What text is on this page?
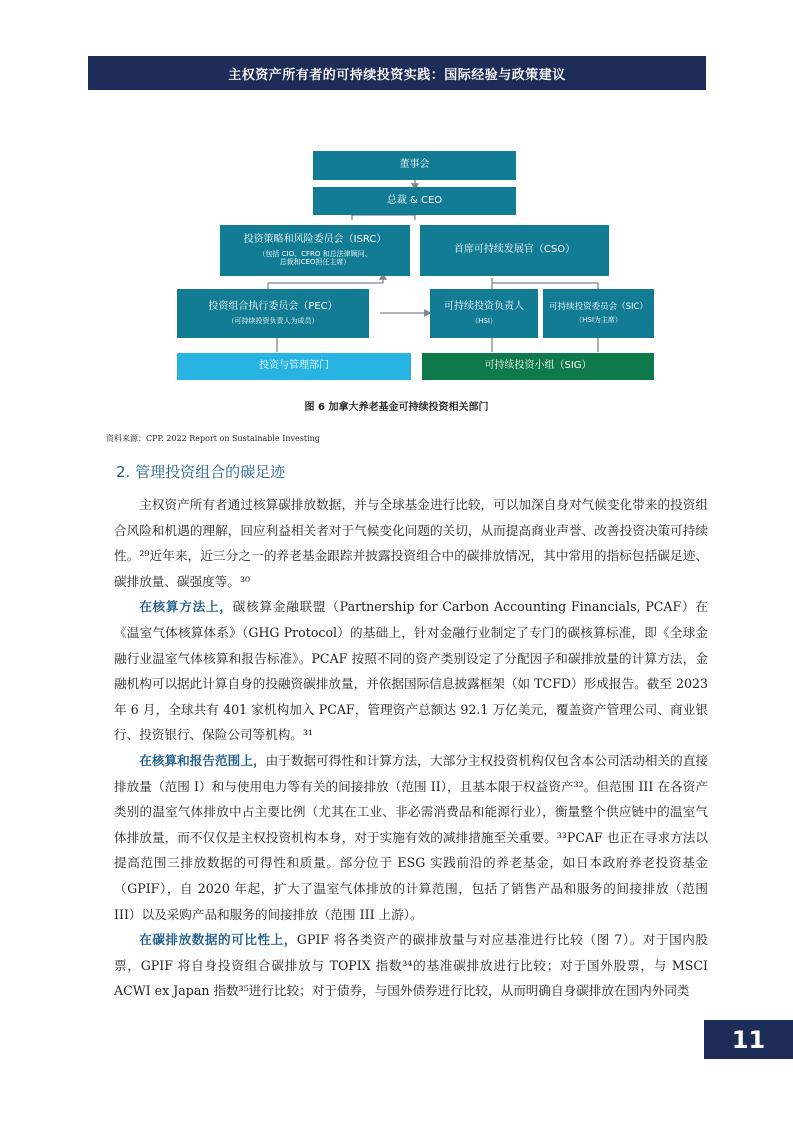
主权资产所有者的可持续投资实践：国际经验与政策建议
董事会
总裁 & CEO
投资策略和风险委员会（ISRC）
（包括 CIO、CFRO 和总法律顾问、总裁和CEO担任主席）
首席可持续发展官（CSO）
投资组合执行委员会（PEC）
（可持续投资负责人为成员）
可持续投资负责人
（HSI）
可持续投资委员会（SIC）
（HSI为主席）
投资与管理部门	可持续投资小组（SIG）
图 6 加拿大养老基金可持续投资相关部门
资料来源：CPP. 2022 Report on Sustainable Investing
2. 管理投资组合的碳足迹

主权资产所有者通过核算碳排放数据，并与全球基金进行比较，可以加深自身对气候变化带来的投资组合风险和机遇的理解，回应利益相关者对于气候变化问题的关切，从而提高商业声誉、改善投资决策可持续性。²⁹近年来，近三分之一的养老基金跟踪并披露投资组合中的碳排放情况，其中常用的指标包括碳足迹、碳排放量、碳强度等。³⁰

在核算方法上，碳核算金融联盟（Partnership for Carbon Accounting Financials, PCAF）在《温室气体核算体系》（GHG Protocol）的基础上，针对金融行业制定了专门的碳核算标准，即《全球金融行业温室气体核算和报告标准》。PCAF 按照不同的资产类别设定了分配因子和碳排放量的计算方法，金融机构可以据此计算自身的投融资碳排放量，并依据国际信息披露框架（如 TCFD）形成报告。截至 2023 年 6 月，全球共有 401 家机构加入 PCAF，管理资产总额达 92.1 万亿美元，覆盖资产管理公司、商业银行、投资银行、保险公司等机构。³¹

在核算和报告范围上，由于数据可得性和计算方法，大部分主权投资机构仅包含本公司活动相关的直接排放量（范围 I）和与使用电力等有关的间接排放（范围 II），且基本限于权益资产³²。但范围 III 在各资产类别的温室气体排放中占主要比例（尤其在工业、非必需消费品和能源行业），衡量整个供应链中的温室气体排放量，而不仅仅是主权投资机构本身，对于实施有效的减排措施至关重要。³³PCAF 也正在寻求方法以提高范围三排放数据的可得性和质量。部分位于 ESG 实践前沿的养老基金，如日本政府养老投资基金（GPIF），自 2020 年起，扩大了温室气体排放的计算范围，包括了销售产品和服务的间接排放（范围 III）以及采购产品和服务的间接排放（范围 III 上游）。

在碳排放数据的可比性上，GPIF 将各类资产的碳排放量与对应基准进行比较（图 7）。对于国内股票，GPIF 将自身投资组合碳排放与 TOPIX 指数³⁴的基准碳排放进行比较；对于国外股票，与 MSCI ACWI ex Japan 指数³⁵进行比较；对于债券，与国外债券进行比较，从而明确自身碳排放在国内外同类

11
